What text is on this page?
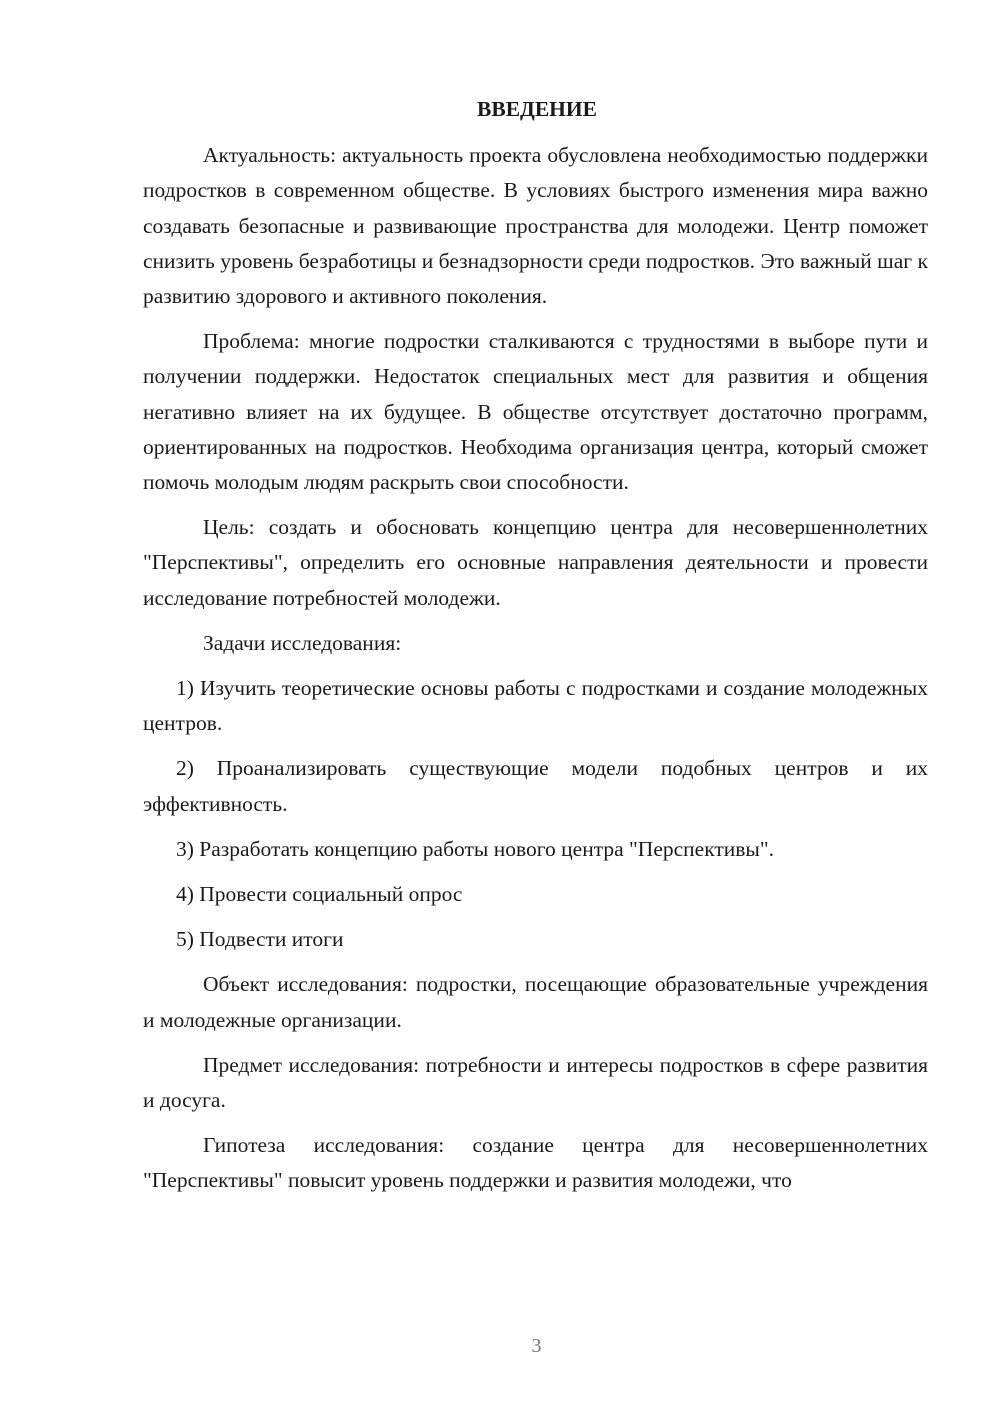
ВВЕДЕНИЕ

Актуальность: актуальность проекта обусловлена необходимостью поддержки подростков в современном обществе. В условиях быстрого изменения мира важно создавать безопасные и развивающие пространства для молодежи. Центр поможет снизить уровень безработицы и безнадзорности среди подростков. Это важный шаг к развитию здорового и активного поколения.

Проблема: многие подростки сталкиваются с трудностями в выборе пути и получении поддержки. Недостаток специальных мест для развития и общения негативно влияет на их будущее. В обществе отсутствует достаточно программ, ориентированных на подростков. Необходима организация центра, который сможет помочь молодым людям раскрыть свои способности.

Цель: создать и обосновать концепцию центра для несовершеннолетних "Перспективы", определить его основные направления деятельности и провести исследование потребностей молодежи.

Задачи исследования:

1) Изучить теоретические основы работы с подростками и создание молодежных центров.

2) Проанализировать существующие модели подобных центров и их эффективность.

3) Разработать концепцию работы нового центра "Перспективы".

4) Провести социальный опрос

5) Подвести итоги

Объект исследования: подростки, посещающие образовательные учреждения и молодежные организации.

Предмет исследования: потребности и интересы подростков в сфере развития и досуга.

Гипотеза исследования: создание центра для несовершеннолетних "Перспективы" повысит уровень поддержки и развития молодежи, что

3
